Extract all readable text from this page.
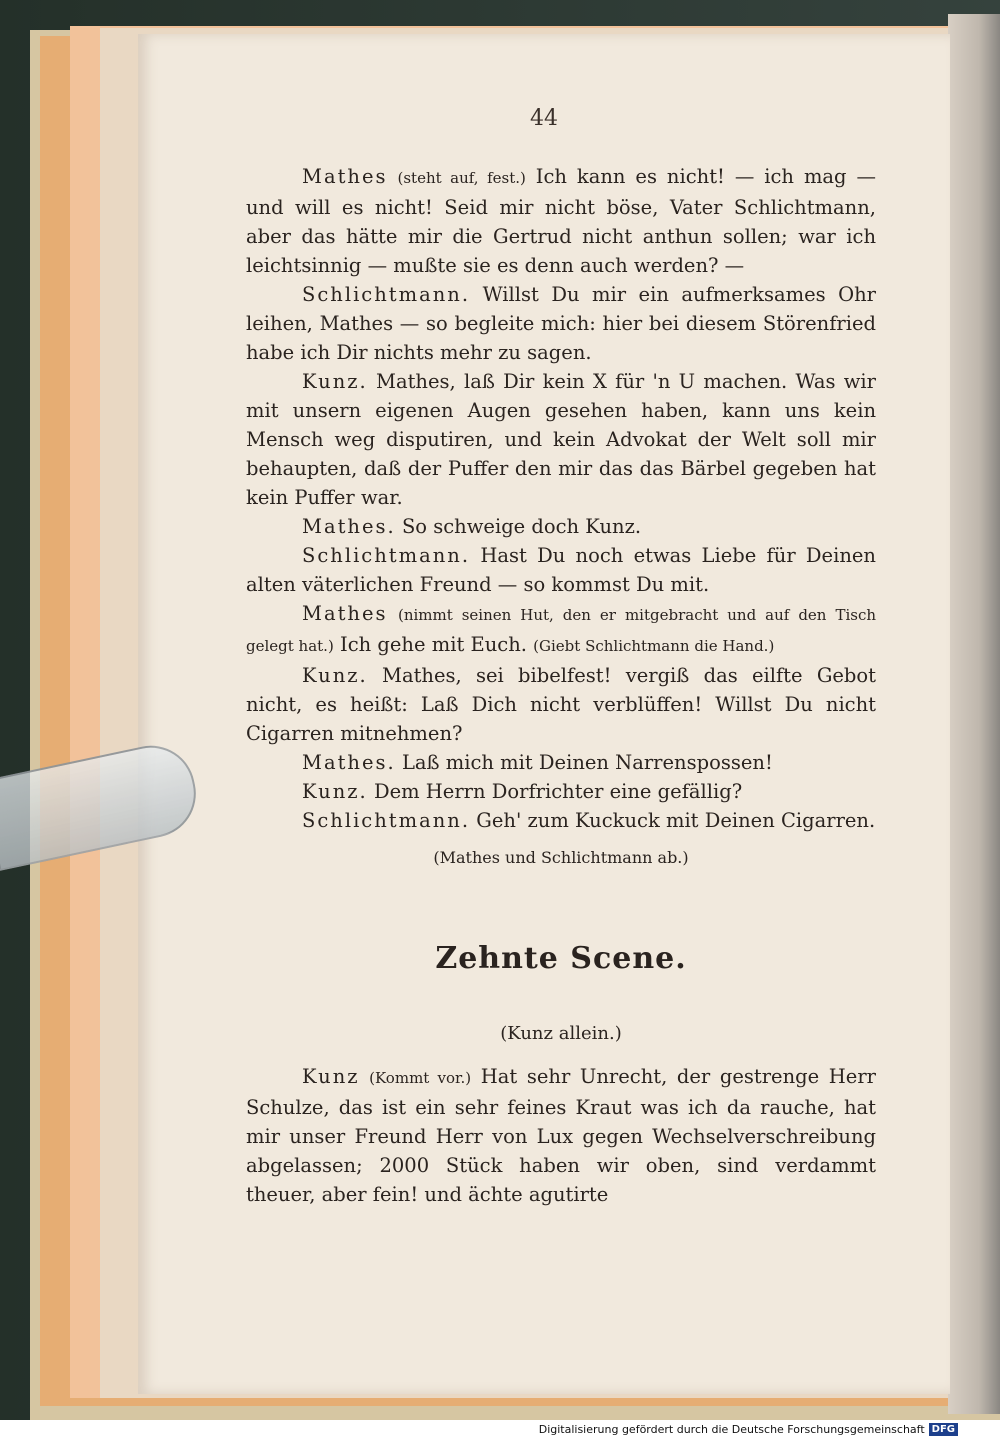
44

Mathes (steht auf, fest.) Ich kann es nicht! — ich mag — und will es nicht! Seid mir nicht böse, Vater Schlichtmann, aber das hätte mir die Gertrud nicht anthun sollen; war ich leichtsinnig — mußte sie es denn auch werden? —

Schlichtmann. Willst Du mir ein aufmerksames Ohr leihen, Mathes — so begleite mich: hier bei diesem Störenfried habe ich Dir nichts mehr zu sagen.

Kunz. Mathes, laß Dir kein X für 'n U machen. Was wir mit unsern eigenen Augen gesehen haben, kann uns kein Mensch weg disputiren, und kein Advokat der Welt soll mir behaupten, daß der Puffer den mir das das Bärbel gegeben hat kein Puffer war.

Mathes. So schweige doch Kunz.

Schlichtmann. Hast Du noch etwas Liebe für Deinen alten väterlichen Freund — so kommst Du mit.

Mathes (nimmt seinen Hut, den er mitgebracht und auf den Tisch gelegt hat.) Ich gehe mit Euch. (Giebt Schlichtmann die Hand.)

Kunz. Mathes, sei bibelfest! vergiß das eilfte Gebot nicht, es heißt: Laß Dich nicht verblüffen! Willst Du nicht Cigarren mitnehmen?

Mathes. Laß mich mit Deinen Narrenspossen!

Kunz. Dem Herrn Dorfrichter eine gefällig?

Schlichtmann. Geh' zum Kuckuck mit Deinen Cigarren.

(Mathes und Schlichtmann ab.)
Zehnte Scene.
(Kunz allein.)

Kunz (Kommt vor.) Hat sehr Unrecht, der gestrenge Herr Schulze, das ist ein sehr feines Kraut was ich da rauche, hat mir unser Freund Herr von Lux gegen Wechselverschreibung abgelassen; 2000 Stück haben wir oben, sind verdammt theuer, aber fein! und ächte agutirte

Digitalisierung gefördert durch die Deutsche Forschungsgemeinschaft DFG
